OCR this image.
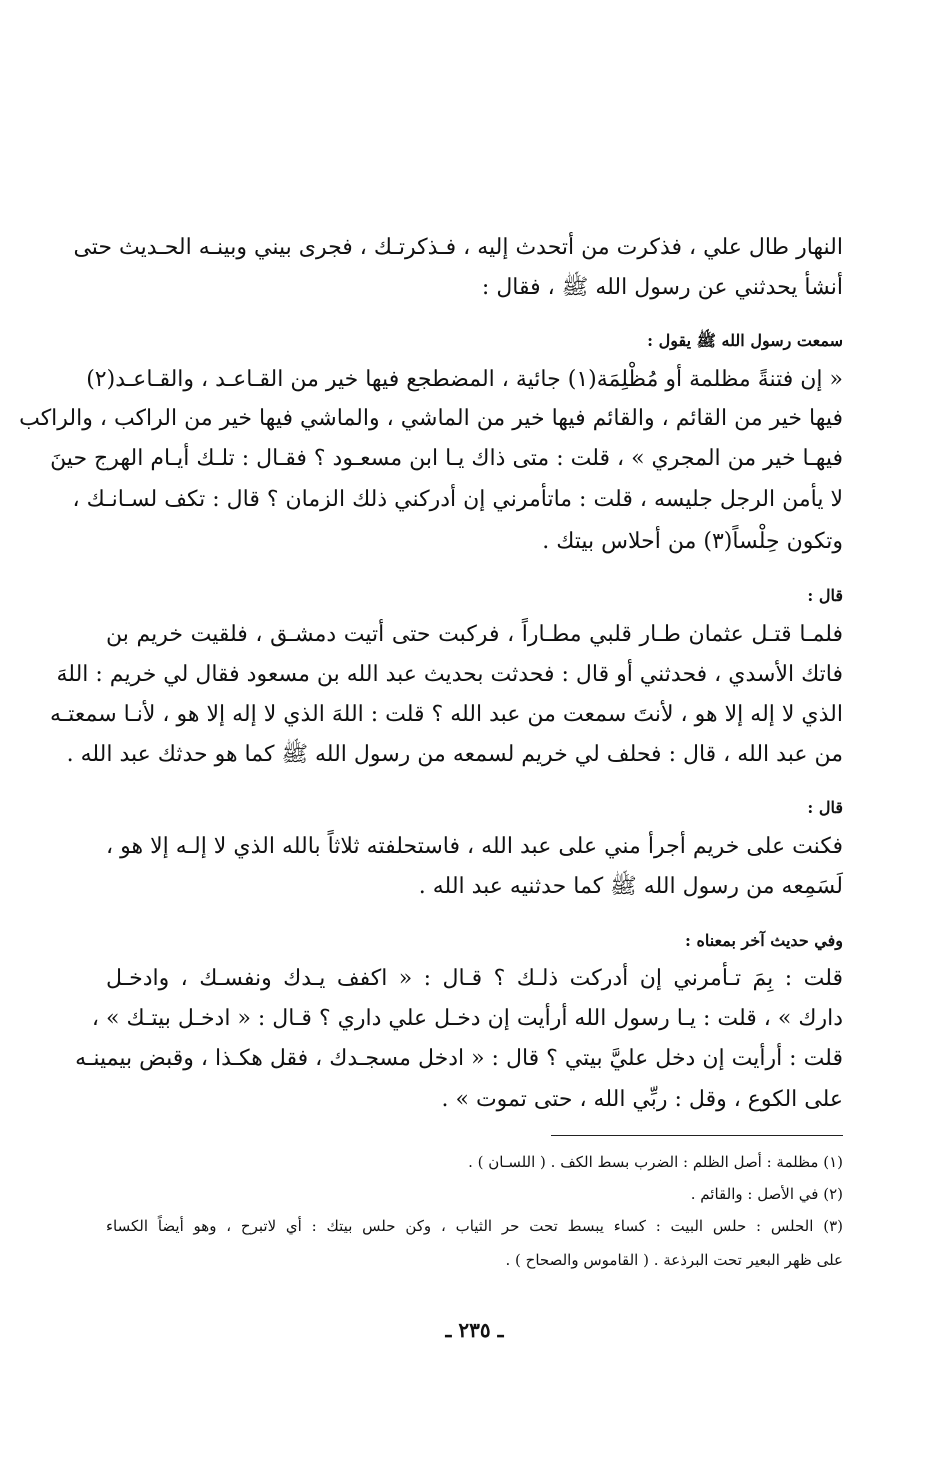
النهار طال علي ، فذكرت من أتحدث إليه ، فـذكرتـك ، فجرى بيني وبينـه الحـديث حتى
أنشأ يحدثني عن رسول الله ﷺ ، فقال :
سمعت رسول الله ﷺ يقول :
« إن فتنةً مظلمة أو مُظْلِمَة(١) جائية ، المضطجع فيها خير من القـاعـد ، والقـاعـد(٢)
فيها خير من القائم ، والقائم فيها خير من الماشي ، والماشي فيها خير من الراكب ، والراكب
فيهـا خير من المجري » ، قلت : متى ذاك يـا ابن مسعـود ؟ فقـال : تلـك أيـام الهرج حينَ
لا يأمن الرجل جليسه ، قلت : ماتأمرني إن أدركني ذلك الزمان ؟ قال : تكف لسـانـك ،
وتكون حِلْساً(٣) من أحلاس بيتك .
قال :
فلمـا قتـل عثمان طـار قلبي مطـاراً ، فركبت حتى أتيت دمشـق ، فلقيت خريم بن
فاتك الأسدي ، فحدثني أو قال : فحدثت بحديث عبد الله بن مسعود فقال لي خريم : اللهَ
الذي لا إله إلا هو ، لأنتَ سمعت من عبد الله ؟ قلت : اللهَ الذي لا إله إلا هو ، لأنـا سمعتـه
من عبد الله ، قال : فحلف لي خريم لسمعه من رسول الله ﷺ كما هو حدثك عبد الله .
قال :
فكنت على خريم أجرأ مني على عبد الله ، فاستحلفته ثلاثاً بالله الذي لا إلـه إلا هو ،
لَسَمِعه من رسول الله ﷺ كما حدثنيه عبد الله .
وفي حديث آخر بمعناه :
قلت : بِمَ تـأمرني إن أدركت ذلـك ؟ قـال : « اكفف يـدك ونفسـك ، وادخـل
دارك » ، قلت : يـا رسول الله أرأيت إن دخـل علي داري ؟ قـال : « ادخـل بيتـك » ،
قلت : أرأيت إن دخل عليَّ بيتي ؟ قال : « ادخل مسجـدك ، فقل هكـذا ، وقبض بيمينـه
على الكوع ، وقل : ربِّي الله ، حتى تموت » .
(١) مظلمة : أصل الظلم : الضرب بسط الكف . ( اللسـان ) .
(٢) في الأصل : والقائم .
(٣) الحلس : حلس البيت : كساء يبسط تحت حر الثياب ، وكن حلس بيتك : أي لاتبرح ، وهو أيضاً الكساء
على ظهر البعير تحت البرذعة . ( القاموس والصحاح ) .
ـ ٢٣٥ ـ
